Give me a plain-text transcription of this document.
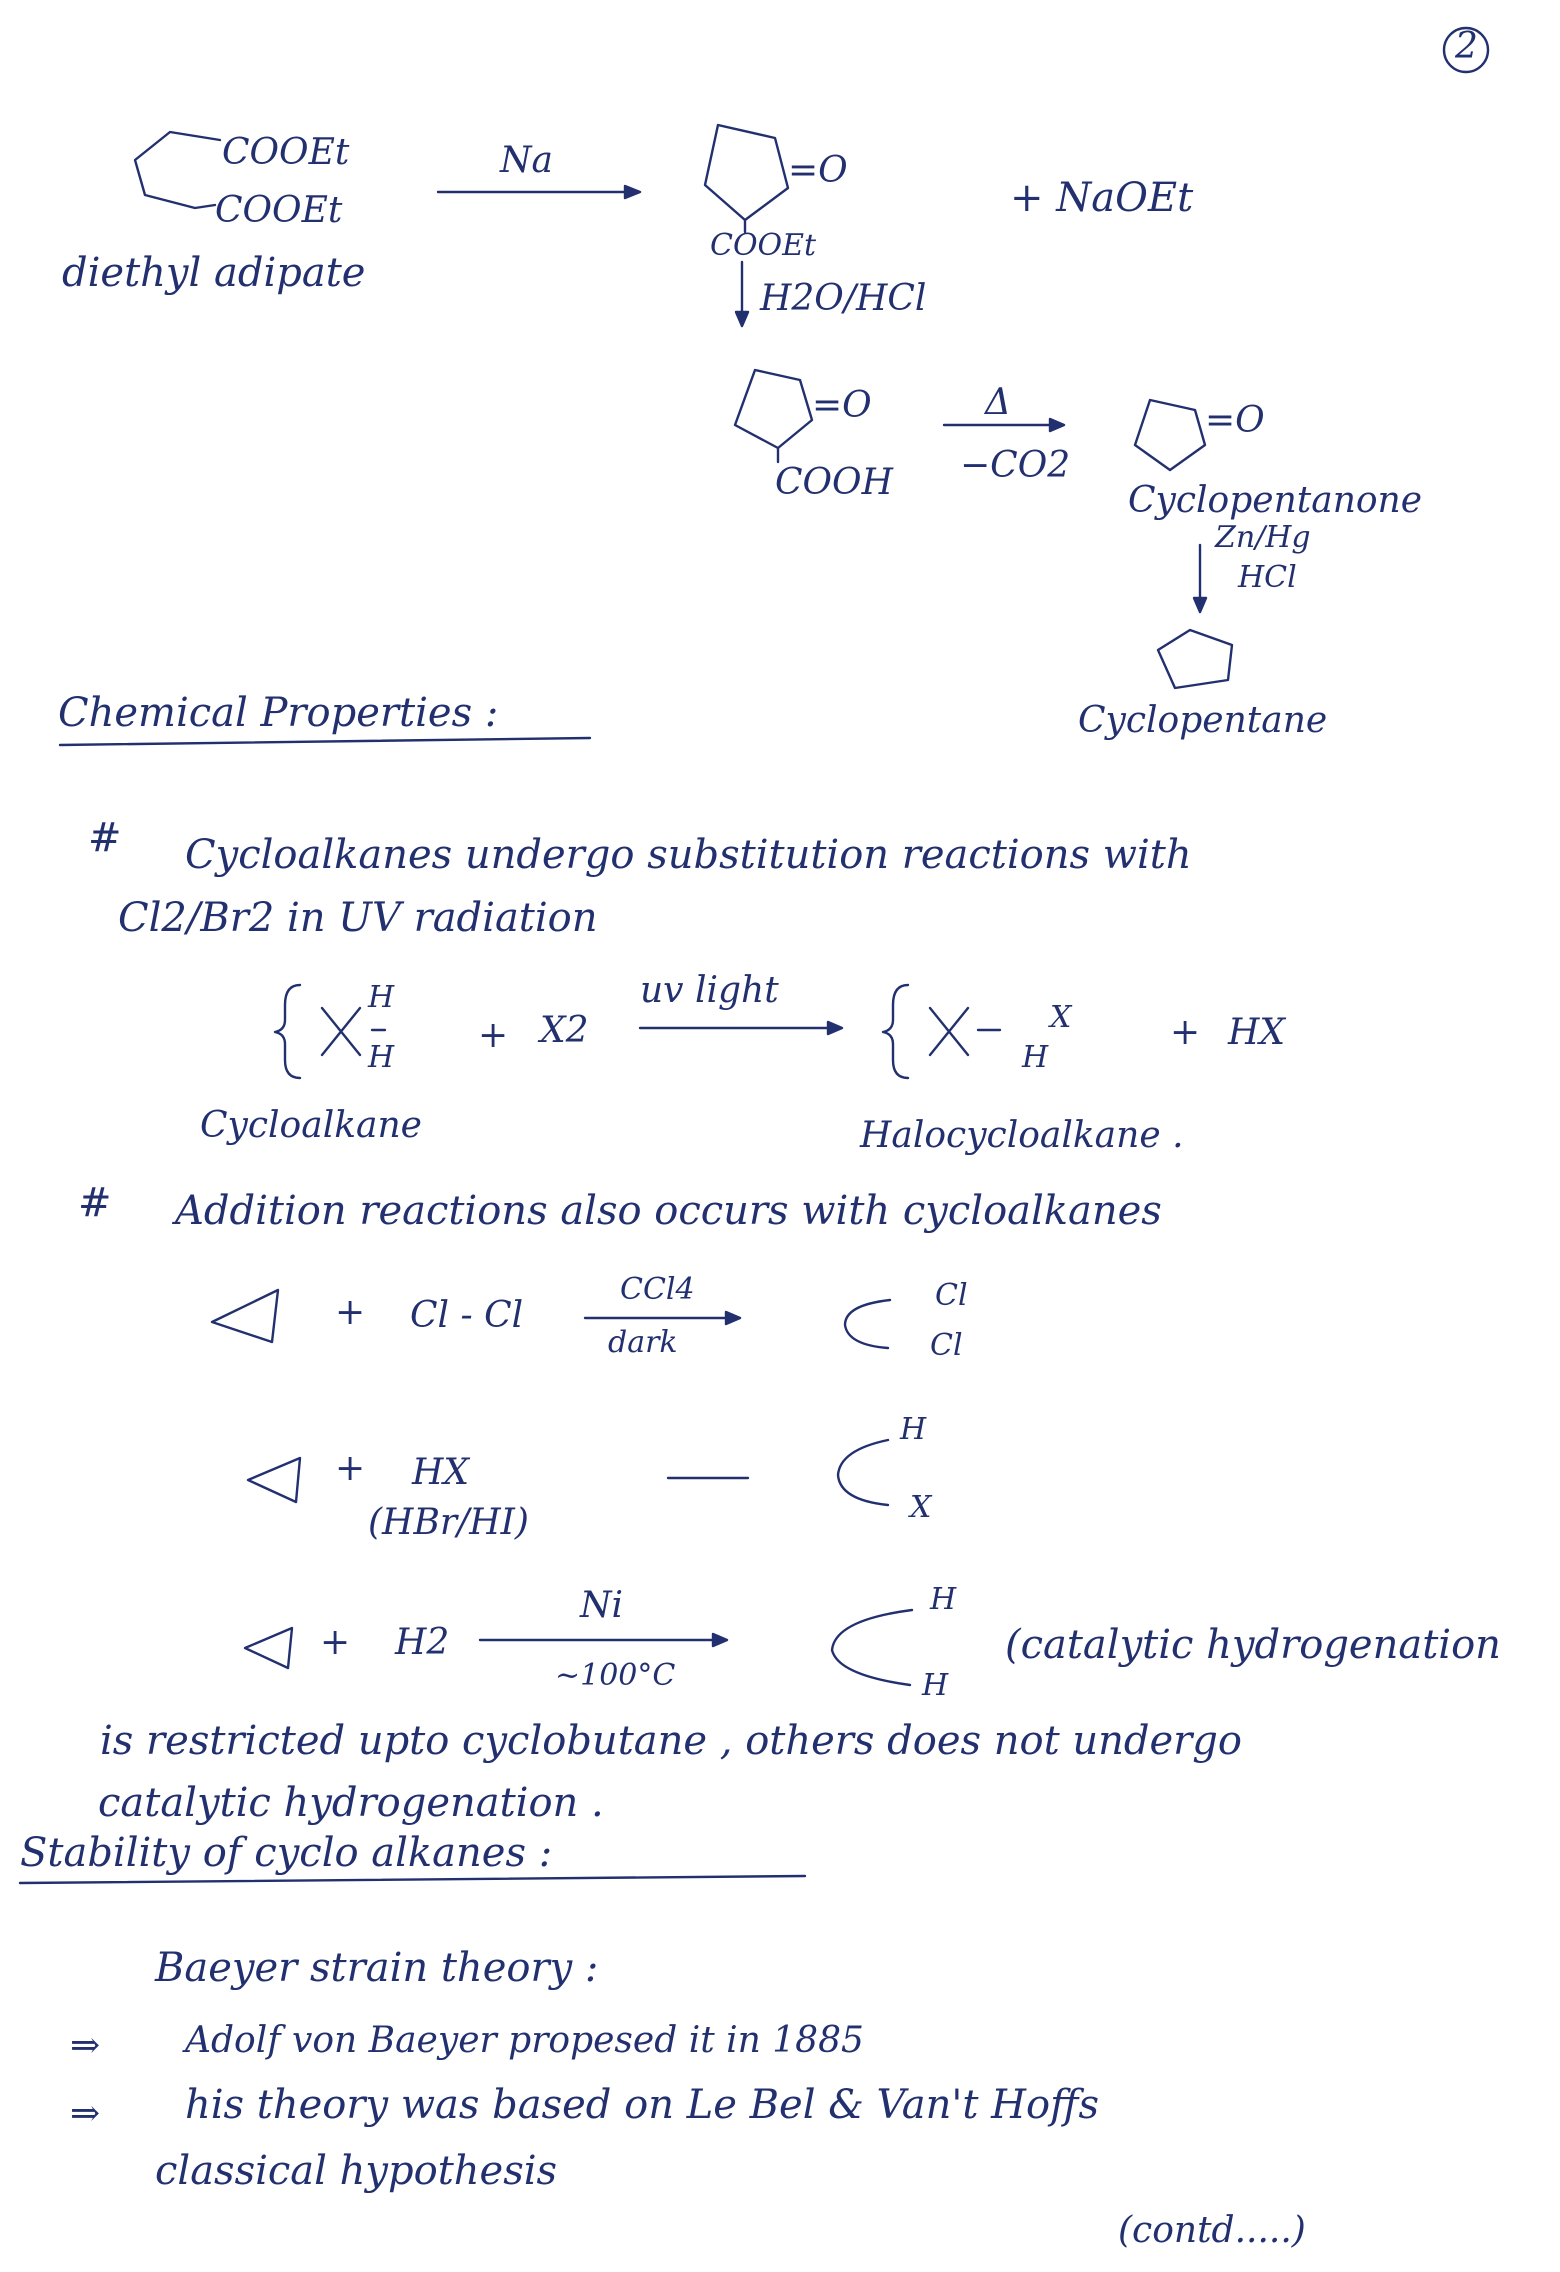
2
COOEt
COOEt
diethyl adipate
Na	=O
COOEt
+ NaOEt
H2O/HCl
=O
COOH
Δ
−CO2
=O
Cyclopentanone
Zn/Hg
HCl
Cyclopentane
Chemical Properties :
# Cycloalkanes undergo substitution reactions with
Cl2/Br2 in UV radiation
H
H
+ X2
uv light
X
H
+ HX
Cycloalkane	Halocycloalkane .
# Addition reactions also occurs with cycloalkanes
+ Cl - Cl
CCl4
dark
Cl
Cl
+ HX
(HBr/HI)
H
X
+ H2
Ni
~100°C
H
H
(catalytic hydrogenation
is restricted upto cyclobutane , others does not undergo
catalytic hydrogenation .
Stability of cyclo alkanes :
Baeyer strain theory :
⇒ Adolf von Baeyer propesed it in 1885
⇒ his theory was based on Le Bel & Van't Hoffs
classical hypothesis
(contd.....)
